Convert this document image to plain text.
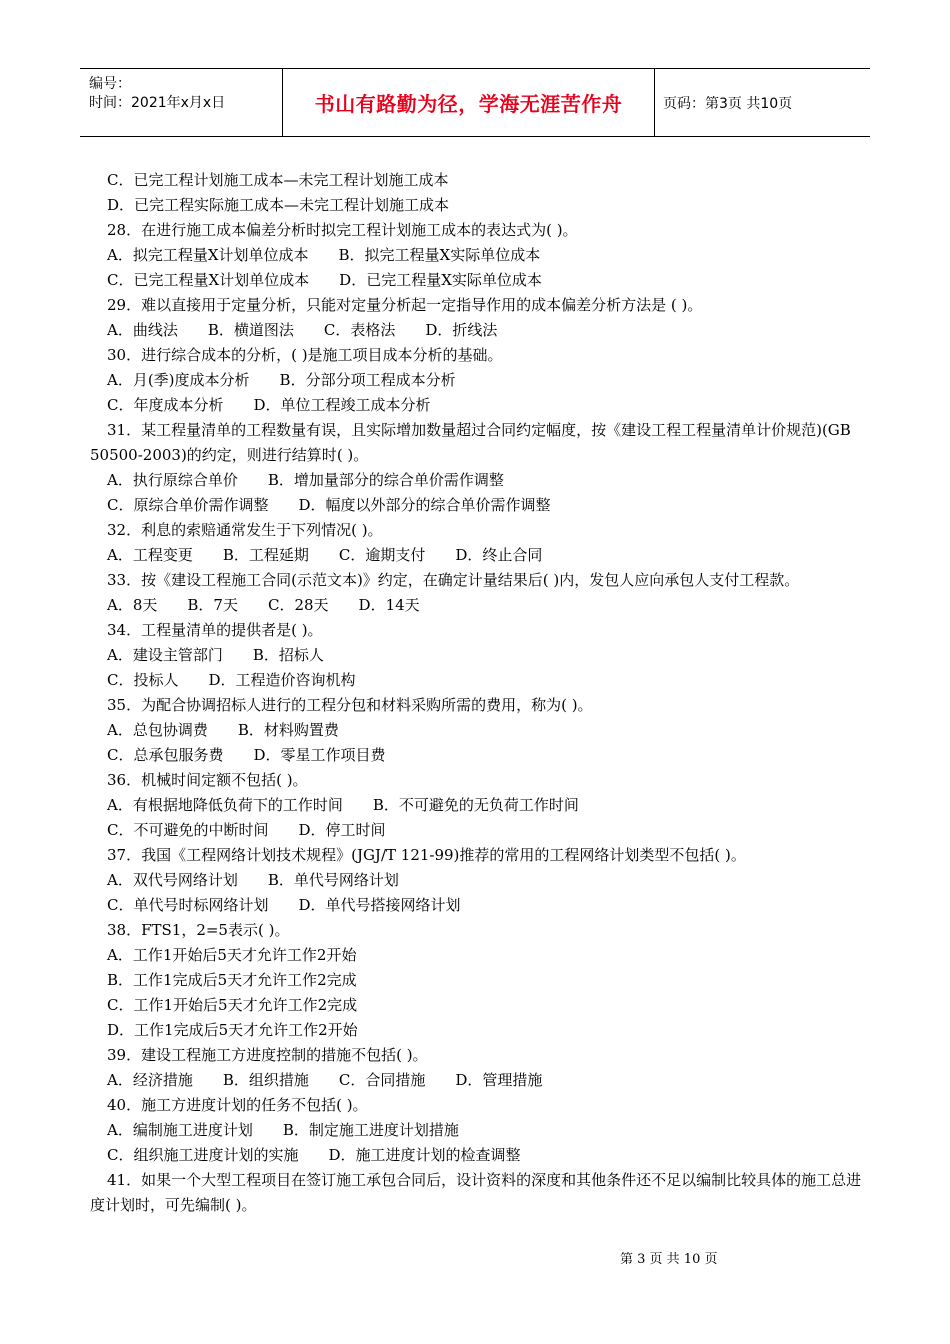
编号：
时间：2021年x月x日	书山有路勤为径，学海无涯苦作舟	页码：第3页 共10页
C．已完工程计划施工成本—未完工程计划施工成本
D．已完工程实际施工成本—未完工程计划施工成本
28．在进行施工成本偏差分析时拟完工程计划施工成本的表达式为( )。
A．拟完工程量X计划单位成本 B．拟完工程量X实际单位成本
C．已完工程量X计划单位成本 D．已完工程量X实际单位成本
29．难以直接用于定量分析，只能对定量分析起一定指导作用的成本偏差分析方法是 ( )。
A．曲线法 B．横道图法 C．表格法 D．折线法
30．进行综合成本的分析，( )是施工项目成本分析的基础。
A．月(季)度成本分析 B．分部分项工程成本分析
C．年度成本分析 D．单位工程竣工成本分析
31．某工程量清单的工程数量有误，且实际增加数量超过合同约定幅度，按《建设工程工程量清单计价规范)(GB 50500-2003)的约定，则进行结算时( )。
A．执行原综合单价 B．增加量部分的综合单价需作调整
C．原综合单价需作调整 D．幅度以外部分的综合单价需作调整
32．利息的索赔通常发生于下列情况( )。
A．工程变更 B．工程延期 C．逾期支付 D．终止合同
33．按《建设工程施工合同(示范文本)》约定，在确定计量结果后( )内，发包人应向承包人支付工程款。
A．8天 B．7天 C．28天 D．14天
34．工程量清单的提供者是( )。
A．建设主管部门 B．招标人
C．投标人 D．工程造价咨询机构
35．为配合协调招标人进行的工程分包和材料采购所需的费用，称为( )。
A．总包协调费 B．材料购置费
C．总承包服务费 D．零星工作项目费
36．机械时间定额不包括( )。
A．有根据地降低负荷下的工作时间 B．不可避免的无负荷工作时间
C．不可避免的中断时间 D．停工时间
37．我国《工程网络计划技术规程》(JGJ/T 121-99)推荐的常用的工程网络计划类型不包括( )。
A．双代号网络计划 B．单代号网络计划
C．单代号时标网络计划 D．单代号搭接网络计划
38．FTS1，2=5表示( )。
A．工作1开始后5天才允许工作2开始
B．工作1完成后5天才允许工作2完成
C．工作1开始后5天才允许工作2完成
D．工作1完成后5天才允许工作2开始
39．建设工程施工方进度控制的措施不包括( )。
A．经济措施 B．组织措施 C．合同措施 D．管理措施
40．施工方进度计划的任务不包括( )。
A．编制施工进度计划 B．制定施工进度计划措施
C．组织施工进度计划的实施 D．施工进度计划的检查调整
41．如果一个大型工程项目在签订施工承包合同后，设计资料的深度和其他条件还不足以编制比较具体的施工总进度计划时，可先编制( )。
第 3 页 共 10 页
